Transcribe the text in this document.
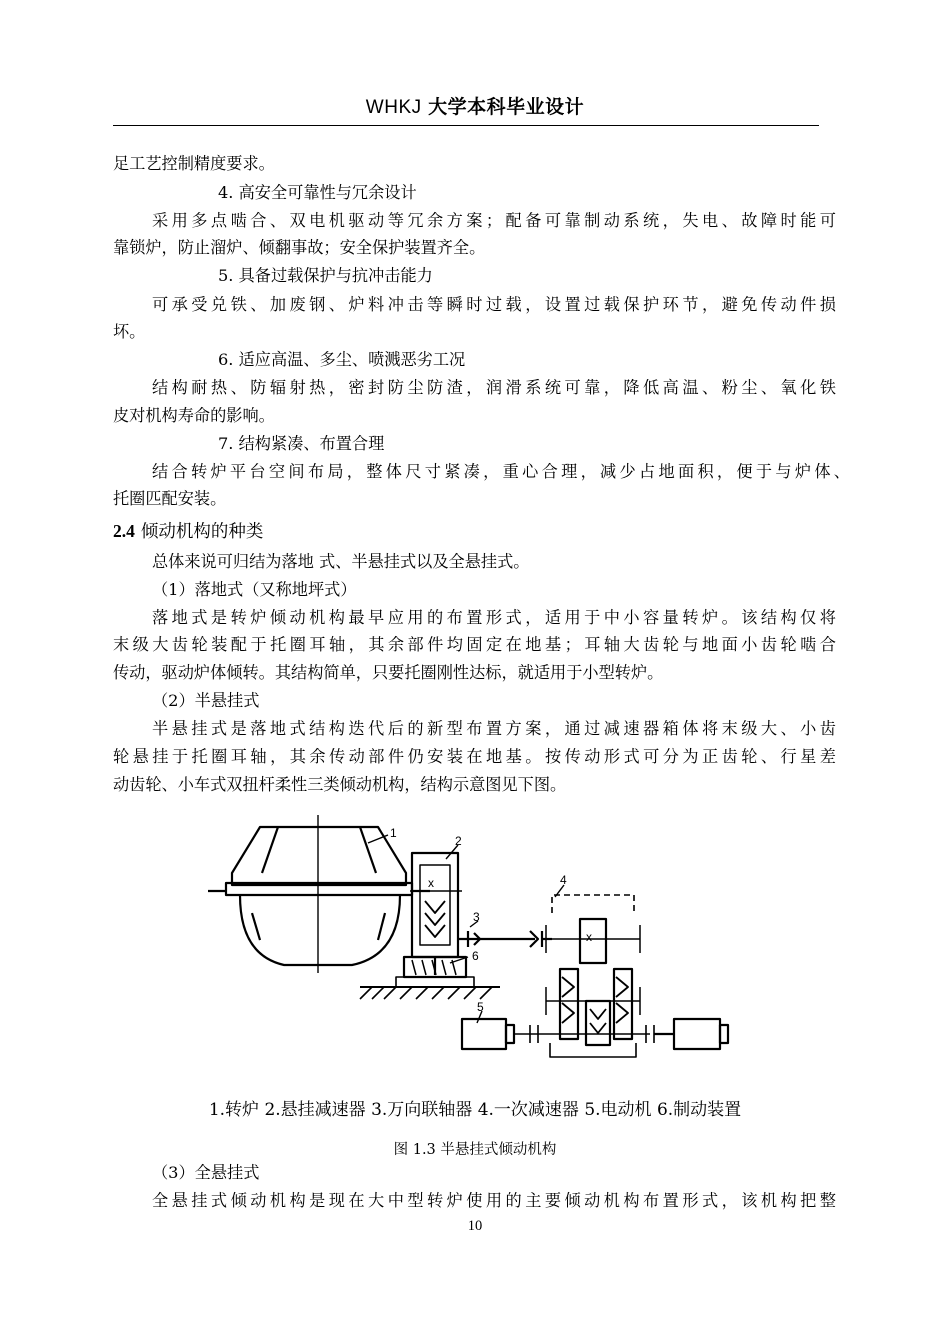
WHKJ 大学本科毕业设计
足工艺控制精度要求。
4. 高安全可靠性与冗余设计
采用多点啮合、双电机驱动等冗余方案；配备可靠制动系统，失电、故障时能可
靠锁炉，防止溜炉、倾翻事故；安全保护装置齐全。
5. 具备过载保护与抗冲击能力
可承受兑铁、加废钢、炉料冲击等瞬时过载，设置过载保护环节，避免传动件损
坏。
6. 适应高温、多尘、喷溅恶劣工况
结构耐热、防辐射热，密封防尘防渣，润滑系统可靠，降低高温、粉尘、氧化铁
皮对机构寿命的影响。
7. 结构紧凑、布置合理
结合转炉平台空间布局，整体尺寸紧凑，重心合理，减少占地面积，便于与炉体、
托圈匹配安装。
2.4 倾动机构的种类
总体来说可归结为落地 式、半悬挂式以及全悬挂式。
（1）落地式（又称地坪式）
落地式是转炉倾动机构最早应用的布置形式，适用于中小容量转炉。该结构仅将
末级大齿轮装配于托圈耳轴，其余部件均固定在地基；耳轴大齿轮与地面小齿轮啮合
传动，驱动炉体倾转。其结构简单，只要托圈刚性达标，就适用于小型转炉。
（2）半悬挂式
半悬挂式是落地式结构迭代后的新型布置方案，通过减速器箱体将末级大、小齿
轮悬挂于托圈耳轴，其余传动部件仍安装在地基。按传动形式可分为正齿轮、行星差
动齿轮、小车式双扭杆柔性三类倾动机构，结构示意图见下图。
x
x
1
2
3
4
5
6
1.转炉 2.悬挂减速器 3.万向联轴器 4.一次减速器 5.电动机 6.制动装置
图 1.3 半悬挂式倾动机构
（3）全悬挂式
全悬挂式倾动机构是现在大中型转炉使用的主要倾动机构布置形式，该机构把整
10
